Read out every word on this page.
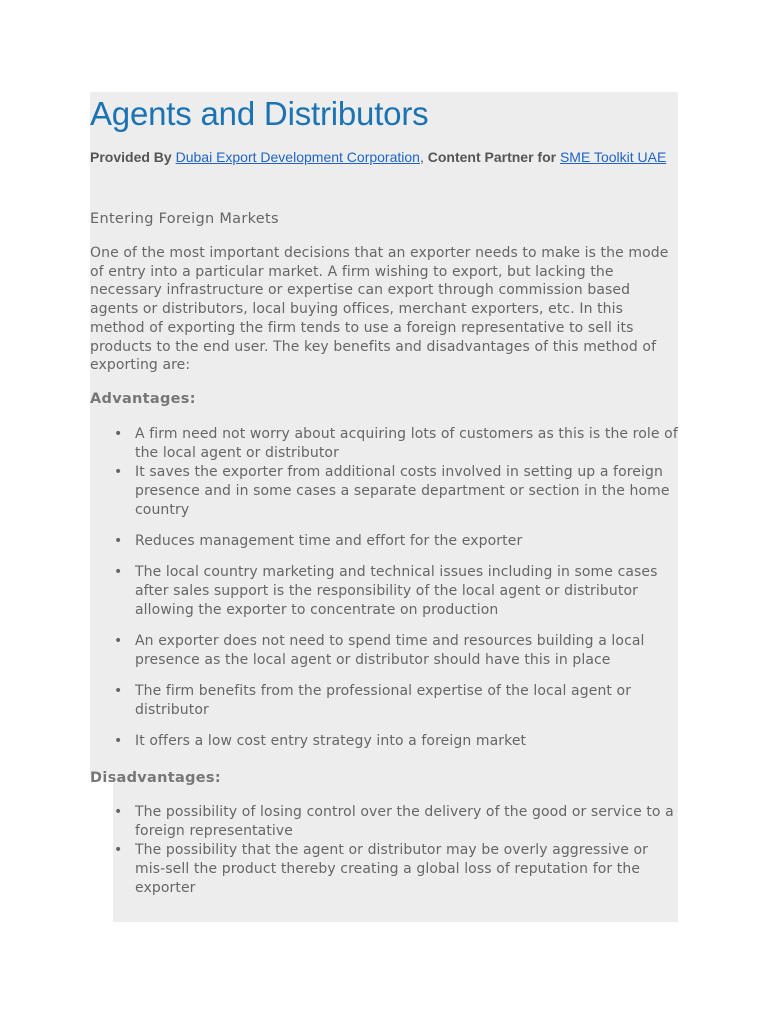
Agents and Distributors
Provided By Dubai Export Development Corporation, Content Partner for SME Toolkit UAE
Entering Foreign Markets
One of the most important decisions that an exporter needs to make is the mode of entry into a particular market. A firm wishing to export, but lacking the necessary infrastructure or expertise can export through commission based agents or distributors, local buying offices, merchant exporters, etc. In this method of exporting the firm tends to use a foreign representative to sell its products to the end user. The key benefits and disadvantages of this method of exporting are:
Advantages:
• A firm need not worry about acquiring lots of customers as this is the role of the local agent or distributor
• It saves the exporter from additional costs involved in setting up a foreign presence and in some cases a separate department or section in the home country
• Reduces management time and effort for the exporter
• The local country marketing and technical issues including in some cases after sales support is the responsibility of the local agent or distributor allowing the exporter to concentrate on production
• An exporter does not need to spend time and resources building a local presence as the local agent or distributor should have this in place
• The firm benefits from the professional expertise of the local agent or distributor
• It offers a low cost entry strategy into a foreign market
Disadvantages:
• The possibility of losing control over the delivery of the good or service to a foreign representative
• The possibility that the agent or distributor may be overly aggressive or mis-sell the product thereby creating a global loss of reputation for the exporter
